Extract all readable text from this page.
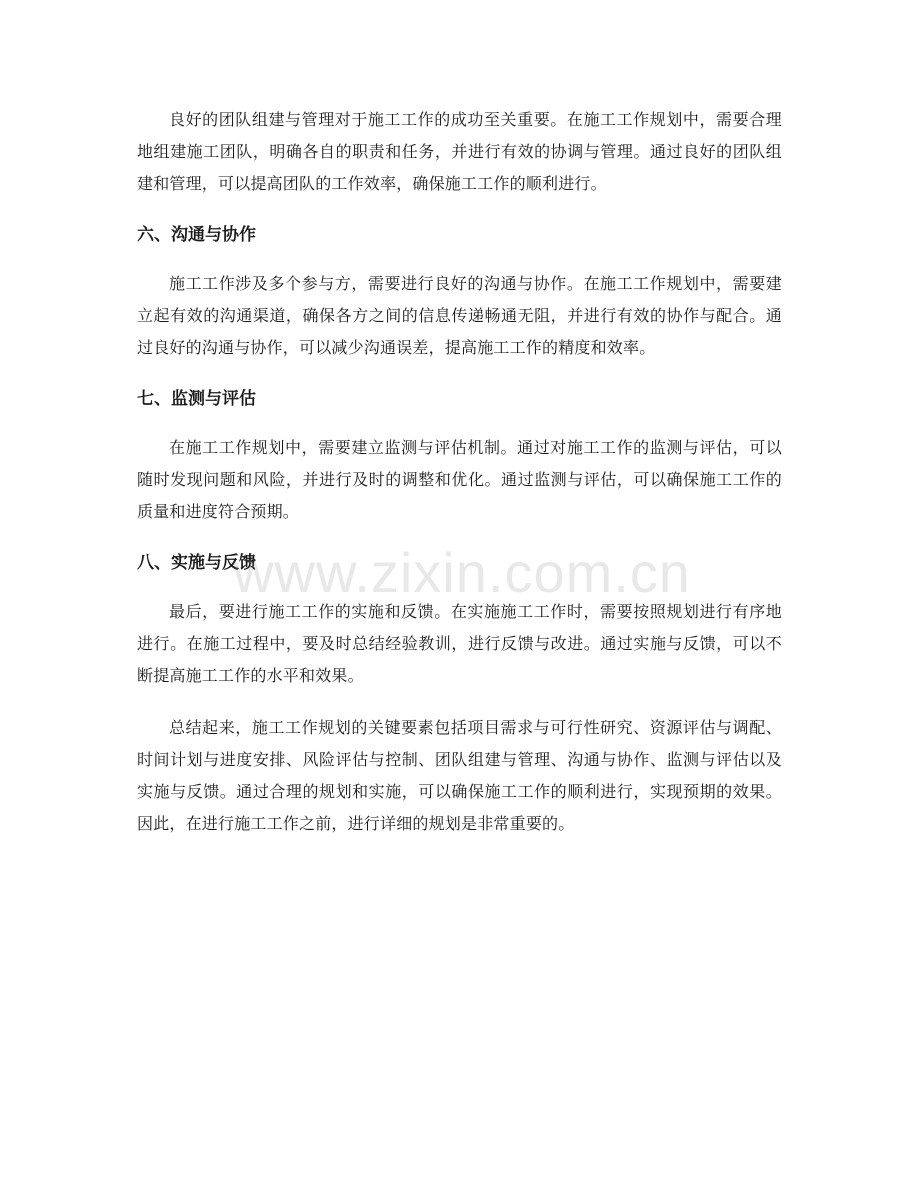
良好的团队组建与管理对于施工工作的成功至关重要。在施工工作规划中，需要合理地组建施工团队，明确各自的职责和任务，并进行有效的协调与管理。通过良好的团队组建和管理，可以提高团队的工作效率，确保施工工作的顺利进行。

六、沟通与协作

施工工作涉及多个参与方，需要进行良好的沟通与协作。在施工工作规划中，需要建立起有效的沟通渠道，确保各方之间的信息传递畅通无阻，并进行有效的协作与配合。通过良好的沟通与协作，可以减少沟通误差，提高施工工作的精度和效率。

七、监测与评估

在施工工作规划中，需要建立监测与评估机制。通过对施工工作的监测与评估，可以随时发现问题和风险，并进行及时的调整和优化。通过监测与评估，可以确保施工工作的质量和进度符合预期。

八、实施与反馈

最后，要进行施工工作的实施和反馈。在实施施工工作时，需要按照规划进行有序地进行。在施工过程中，要及时总结经验教训，进行反馈与改进。通过实施与反馈，可以不断提高施工工作的水平和效果。

总结起来，施工工作规划的关键要素包括项目需求与可行性研究、资源评估与调配、时间计划与进度安排、风险评估与控制、团队组建与管理、沟通与协作、监测与评估以及实施与反馈。通过合理的规划和实施，可以确保施工工作的顺利进行，实现预期的效果。因此，在进行施工工作之前，进行详细的规划是非常重要的。

www.zixin.com.cn
